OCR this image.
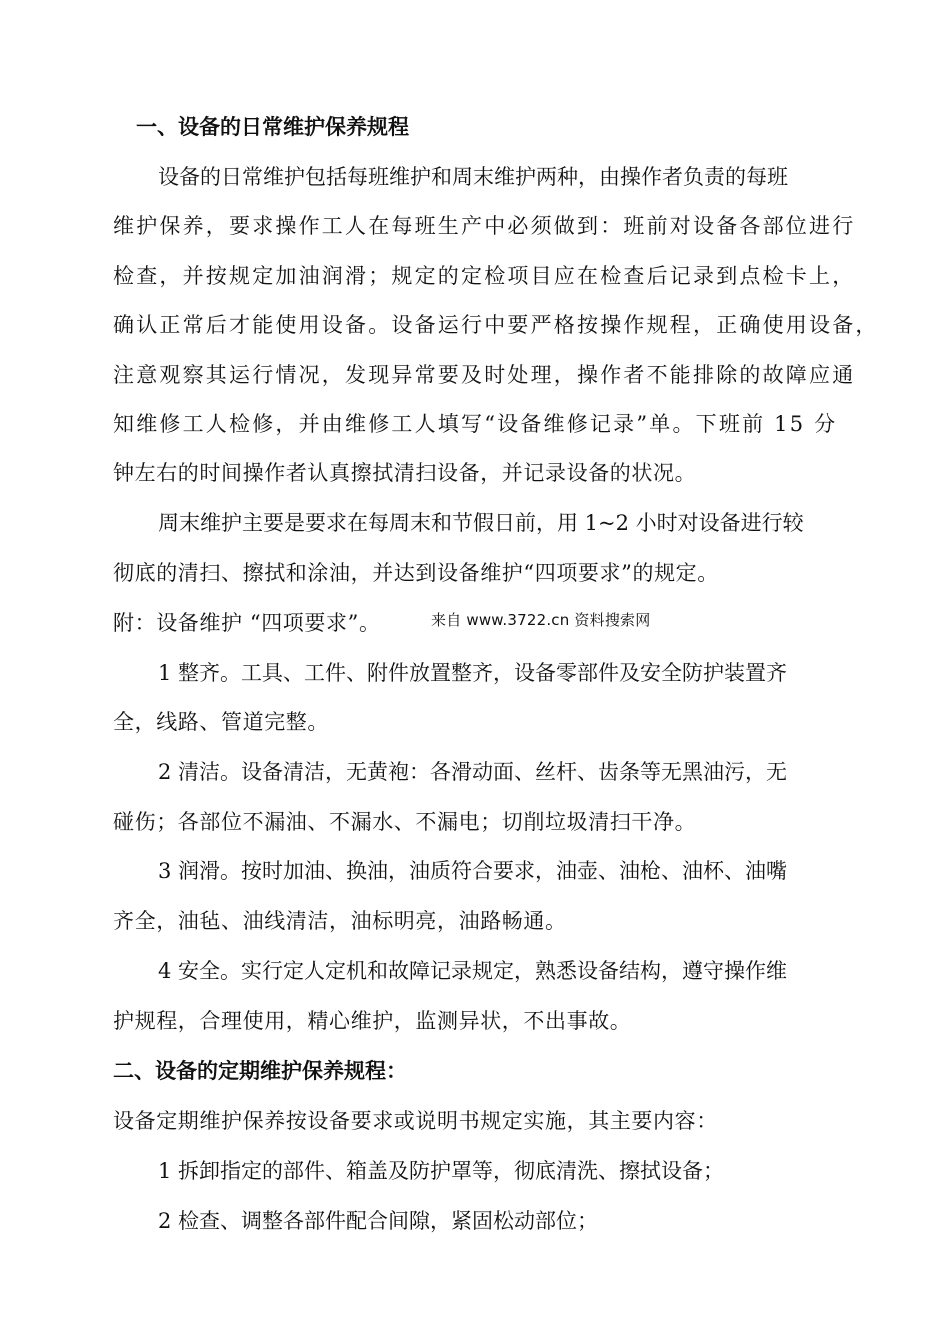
一、设备的日常维护保养规程
设备的日常维护包括每班维护和周末维护两种，由操作者负责的每班
维护保养，要求操作工人在每班生产中必须做到：班前对设备各部位进行
检查，并按规定加油润滑；规定的定检项目应在检查后记录到点检卡上，
确认正常后才能使用设备。设备运行中要严格按操作规程，正确使用设备，
注意观察其运行情况，发现异常要及时处理，操作者不能排除的故障应通
知维修工人检修，并由维修工人填写“设备维修记录”单。下班前 15 分
钟左右的时间操作者认真擦拭清扫设备，并记录设备的状况。
周末维护主要是要求在每周末和节假日前，用 1~2 小时对设备进行较
彻底的清扫、擦拭和涂油，并达到设备维护“四项要求”的规定。
附：设备维护 “四项要求”。	来自 www.3722.cn 资料搜索网
1 整齐。工具、工件、附件放置整齐，设备零部件及安全防护装置齐
全，线路、管道完整。
2 清洁。设备清洁，无黄袍：各滑动面、丝杆、齿条等无黑油污，无
碰伤；各部位不漏油、不漏水、不漏电；切削垃圾清扫干净。
3 润滑。按时加油、换油，油质符合要求，油壶、油枪、油杯、油嘴
齐全，油毡、油线清洁，油标明亮，油路畅通。
4 安全。实行定人定机和故障记录规定，熟悉设备结构，遵守操作维
护规程，合理使用，精心维护，监测异状，不出事故。
二、设备的定期维护保养规程：
设备定期维护保养按设备要求或说明书规定实施，其主要内容：
1 拆卸指定的部件、箱盖及防护罩等，彻底清洗、擦拭设备；
2 检查、调整各部件配合间隙，紧固松动部位；
